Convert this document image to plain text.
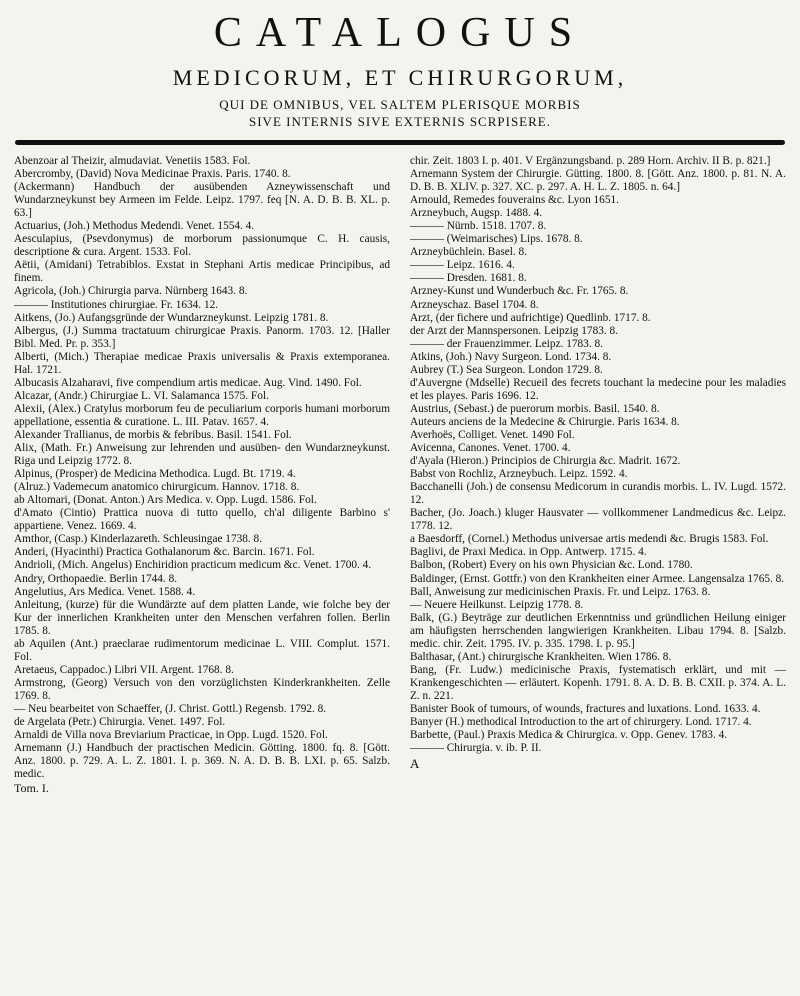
CATALOGUS
MEDICORUM, ET CHIRURGORUM,
QUI DE OMNIBUS, VEL SALTEM PLERISQUE MORBIS
SIVE INTERNIS SIVE EXTERNIS SCRPISERE.

Abenzoar al Theizir, almudaviat. Venetiis 1583. Fol.

Abercromby, (David) Nova Medicinae Praxis. Paris. 1740. 8.

(Ackermann) Handbuch der ausübenden Azneywissenschaft und Wundarzneykunst bey Armeen im Felde. Leipz. 1797. feq [N. A. D. B. B. XL. p. 63.]

Actuarius, (Joh.) Methodus Medendi. Venet. 1554. 4.

Aesculapius, (Psevdonymus) de morborum passionumque C. H. causis, descriptione & cura. Argent. 1533. Fol.

Aëtii, (Amidani) Tetrabiblos. Exstat in Stephani Artis medicae Principibus, ad finem.

Agricola, (Joh.) Chirurgia parva. Nürnberg 1643. 8.

——— Institutiones chirurgiae. Fr. 1634. 12.

Aitkens, (Jo.) Aufangsgründe der Wundarzneykunst. Leipzig 1781. 8.

Albergus, (J.) Summa tractatuum chirurgicae Praxis. Panorm. 1703. 12. [Haller Bibl. Med. Pr. p. 353.]

Alberti, (Mich.) Therapiae medicae Praxis universalis & Praxis extemporanea. Hal. 1721.

Albucasis Alzaharavi, five compendium artis medicae. Aug. Vind. 1490. Fol.

Alcazar, (Andr.) Chirurgiae L. VI. Salamanca 1575. Fol.

Alexii, (Alex.) Cratylus morborum feu de peculiarium corporis humani morborum appellatione, essentia & curatione. L. III. Patav. 1657. 4.

Alexander Trallianus, de morbis & febribus. Basil. 1541. Fol.

Alix, (Math. Fr.) Anweisung zur lehrenden und ausüben- den Wundarzneykunst. Riga und Leipzig 1772. 8.

Alpinus, (Prosper) de Medicina Methodica. Lugd. Bt. 1719. 4.

(Alruz.) Vademecum anatomico chirurgicum. Hannov. 1718. 8.

ab Altomari, (Donat. Anton.) Ars Medica. v. Opp. Lugd. 1586. Fol.

d'Amato (Cintio) Prattica nuova di tutto quello, ch'al diligente Barbino s' appartiene. Venez. 1669. 4.

Amthor, (Casp.) Kinderlazareth. Schleusingae 1738. 8.

Anderi, (Hyacinthi) Practica Gothalanorum &c. Barcin. 1671. Fol.

Andrioli, (Mich. Angelus) Enchiridion practicum medicum &c. Venet. 1700. 4.

Andry, Orthopaedie. Berlin 1744. 8.

Angelutius, Ars Medica. Venet. 1588. 4.

Anleitung, (kurze) für die Wundärzte auf dem platten Lande, wie folche bey der Kur der innerlichen Krankheiten unter den Menschen verfahren follen. Berlin 1785. 8.

ab Aquilen (Ant.) praeclarae rudimentorum medicinae L. VIII. Complut. 1571. Fol.

Aretaeus, Cappadoc.) Libri VII. Argent. 1768. 8.

Armstrong, (Georg) Versuch von den vorzüglichsten Kinderkrankheiten. Zelle 1769. 8.

— Neu bearbeitet von Schaeffer, (J. Christ. Gottl.) Regensb. 1792. 8.

de Argelata (Petr.) Chirurgia. Venet. 1497. Fol.

Arnaldi de Villa nova Breviarium Practicae, in Opp. Lugd. 1520. Fol.

Arnemann (J.) Handbuch der practischen Medicin. Götting. 1800. fq. 8. [Gött. Anz. 1800. p. 729. A. L. Z. 1801. I. p. 369. N. A. D. B. B. LXI. p. 65. Salzb. medic.

Tom. I.

chir. Zeit. 1803 I. p. 401. V Ergänzungsband. p. 289 Horn. Archiv. II B. p. 821.]

Arnemann System der Chirurgie. Gütting. 1800. 8. [Gött. Anz. 1800. p. 81. N. A. D. B. B. XLIV. p. 327. XC. p. 297. A. H. L. Z. 1805. n. 64.]

Arnould, Remedes fouverains &c. Lyon 1651.

Arzneybuch, Augsp. 1488. 4.

——— Nürnb. 1518. 1707. 8.

——— (Weimarisches) Lips. 1678. 8.

Arzneybüchlein. Basel. 8.

——— Leipz. 1616. 4.

——— Dresden. 1681. 8.

Arzney-Kunst und Wunderbuch &c. Fr. 1765. 8.

Arzneyschaz. Basel 1704. 8.

Arzt, (der fichere und aufrichtige) Quedlinb. 1717. 8.

der Arzt der Mannspersonen. Leipzig 1783. 8.

——— der Frauenzimmer. Leipz. 1783. 8.

Atkins, (Joh.) Navy Surgeon. Lond. 1734. 8.

Aubrey (T.) Sea Surgeon. London 1729. 8.

d'Auvergne (Mdselle) Recueil des fecrets touchant la medecine pour les maladies et les playes. Paris 1696. 12.

Austrius, (Sebast.) de puerorum morbis. Basil. 1540. 8.

Auteurs anciens de la Medecine & Chirurgie. Paris 1634. 8.

Averhoës, Colliget. Venet. 1490 Fol.

Avicenna, Canones. Venet. 1700. 4.

d'Ayala (Hieron.) Principios de Chirurgia &c. Madrit. 1672.

Babst von Rochliz, Arzneybuch. Leipz. 1592. 4.

Bacchanelli (Joh.) de consensu Medicorum in curandis morbis. L. IV. Lugd. 1572. 12.

Bacher, (Jo. Joach.) kluger Hausvater — vollkommener Landmedicus &c. Leipz. 1778. 12.

a Baesdorff, (Cornel.) Methodus universae artis medendi &c. Brugis 1583. Fol.

Baglivi, de Praxi Medica. in Opp. Antwerp. 1715. 4.

Balbon, (Robert) Every on his own Physician &c. Lond. 1780.

Baldinger, (Ernst. Gottfr.) von den Krankheiten einer Armee. Langensalza 1765. 8.

Ball, Anweisung zur medicinischen Praxis. Fr. und Leipz. 1763. 8.

— Neuere Heilkunst. Leipzig 1778. 8.

Balk, (G.) Beyträge zur deutlichen Erkenntniss und gründlichen Heilung einiger am häufigsten herrschenden langwierigen Krankheiten. Libau 1794. 8. [Salzb. medic. chir. Zeit. 1795. IV. p. 335. 1798. I. p. 95.]

Balthasar, (Ant.) chirurgische Krankheiten. Wien 1786. 8.

Bang, (Fr. Ludw.) medicinische Praxis, fystematisch erklärt, und mit — Krankengeschichten — erläutert. Kopenh. 1791. 8. A. D. B. B. CXII. p. 374. A. L. Z. n. 221.

Banister Book of tumours, of wounds, fractures and luxations. Lond. 1633. 4.

Banyer (H.) methodical Introduction to the art of chirurgery. Lond. 1717. 4.

Barbette, (Paul.) Praxis Medica & Chirurgica. v. Opp. Genev. 1783. 4.

——— Chirurgia. v. ib. P. II.

A
